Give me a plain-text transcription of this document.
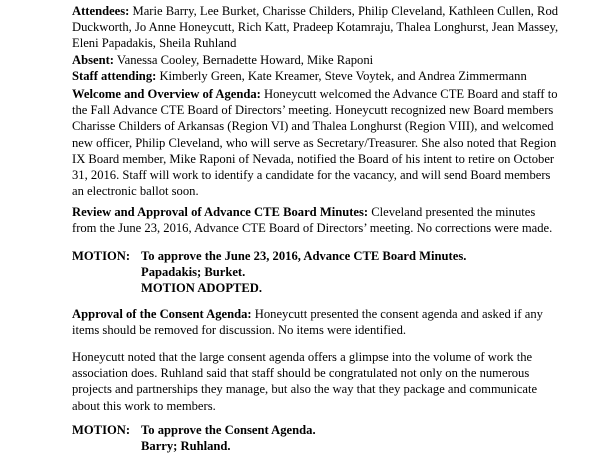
Attendees: Marie Barry, Lee Burket, Charisse Childers, Philip Cleveland, Kathleen Cullen, Rod
Duckworth, Jo Anne Honeycutt, Rich Katt, Pradeep Kotamraju, Thalea Longhurst, Jean Massey,
Eleni Papadakis, Sheila Ruhland
Absent: Vanessa Cooley, Bernadette Howard, Mike Raponi
Staff attending: Kimberly Green, Kate Kreamer, Steve Voytek, and Andrea Zimmermann
Welcome and Overview of Agenda: Honeycutt welcomed the Advance CTE Board and staff to
the Fall Advance CTE Board of Directors’ meeting. Honeycutt recognized new Board members
Charisse Childers of Arkansas (Region VI) and Thalea Longhurst (Region VIII), and welcomed
new officer, Philip Cleveland, who will serve as Secretary/Treasurer. She also noted that Region
IX Board member, Mike Raponi of Nevada, notified the Board of his intent to retire on October
31, 2016. Staff will work to identify a candidate for the vacancy, and will send Board members
an electronic ballot soon.
Review and Approval of Advance CTE Board Minutes: Cleveland presented the minutes
from the June 23, 2016, Advance CTE Board of Directors’ meeting. No corrections were made.
MOTION: To approve the June 23, 2016, Advance CTE Board Minutes.
Papadakis; Burket.
MOTION ADOPTED.
Approval of the Consent Agenda: Honeycutt presented the consent agenda and asked if any
items should be removed for discussion. No items were identified.
Honeycutt noted that the large consent agenda offers a glimpse into the volume of work the
association does. Ruhland said that staff should be congratulated not only on the numerous
projects and partnerships they manage, but also the way that they package and communicate
about this work to members.
MOTION: To approve the Consent Agenda.
Barry; Ruhland.
